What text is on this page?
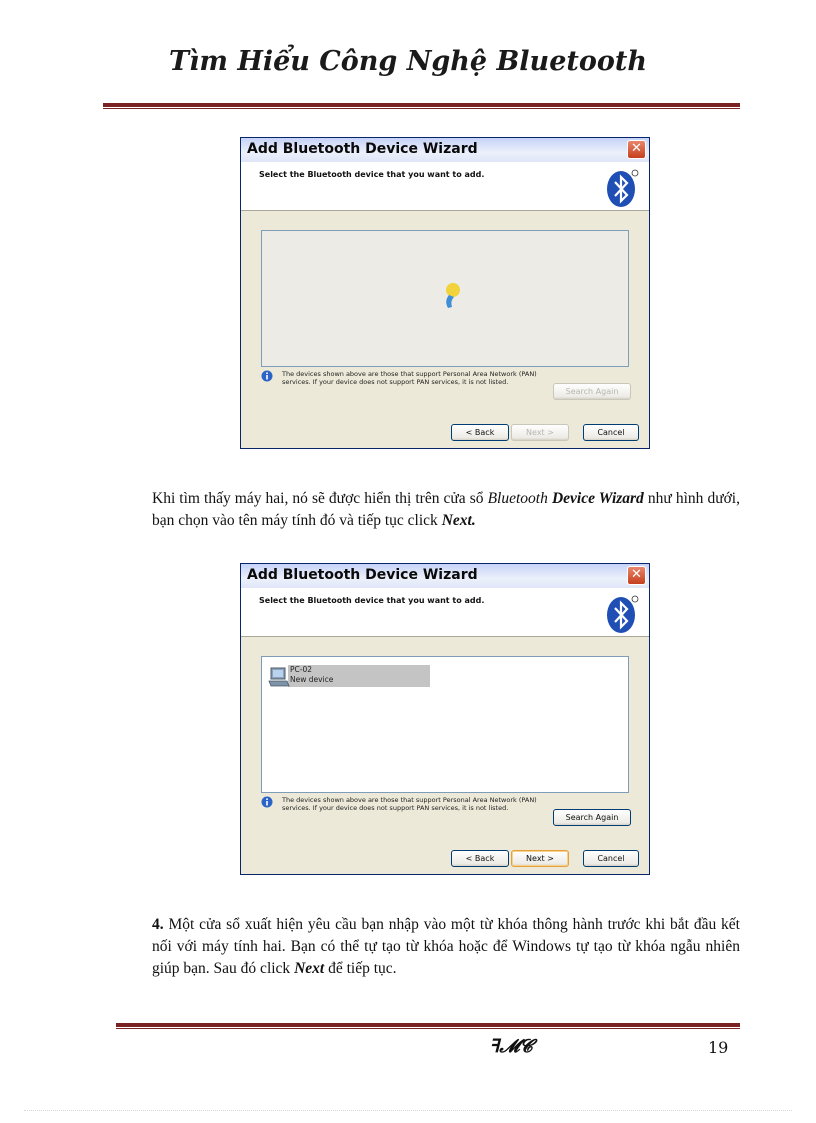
Tìm Hiểu Công Nghệ Bluetooth
Add Bluetooth Device Wizard	✕
Select the Bluetooth device that you want to add.
The devices shown above are those that support Personal Area Network (PAN) services. If your device does not support PAN services, it is not listed.
Search Again
< Back	Next >	Cancel
Khi tìm thấy máy hai, nó sẽ được hiển thị trên cửa sổ Bluetooth Device Wizard như hình dưới, bạn chọn vào tên máy tính đó và tiếp tục click Next.
Add Bluetooth Device Wizard	✕
Select the Bluetooth device that you want to add.
PC-02
New device
The devices shown above are those that support Personal Area Network (PAN) services. If your device does not support PAN services, it is not listed.
Search Again
< Back	Next >	Cancel
4. Một cửa sổ xuất hiện yêu cầu bạn nhập vào một từ khóa thông hành trước khi bắt đầu kết nối với máy tính hai. Bạn có thể tự tạo từ khóa hoặc để Windows tự tạo từ khóa ngẫu nhiên giúp bạn. Sau đó click Next để tiếp tục.
ꟻ𝓜𝓒	19
